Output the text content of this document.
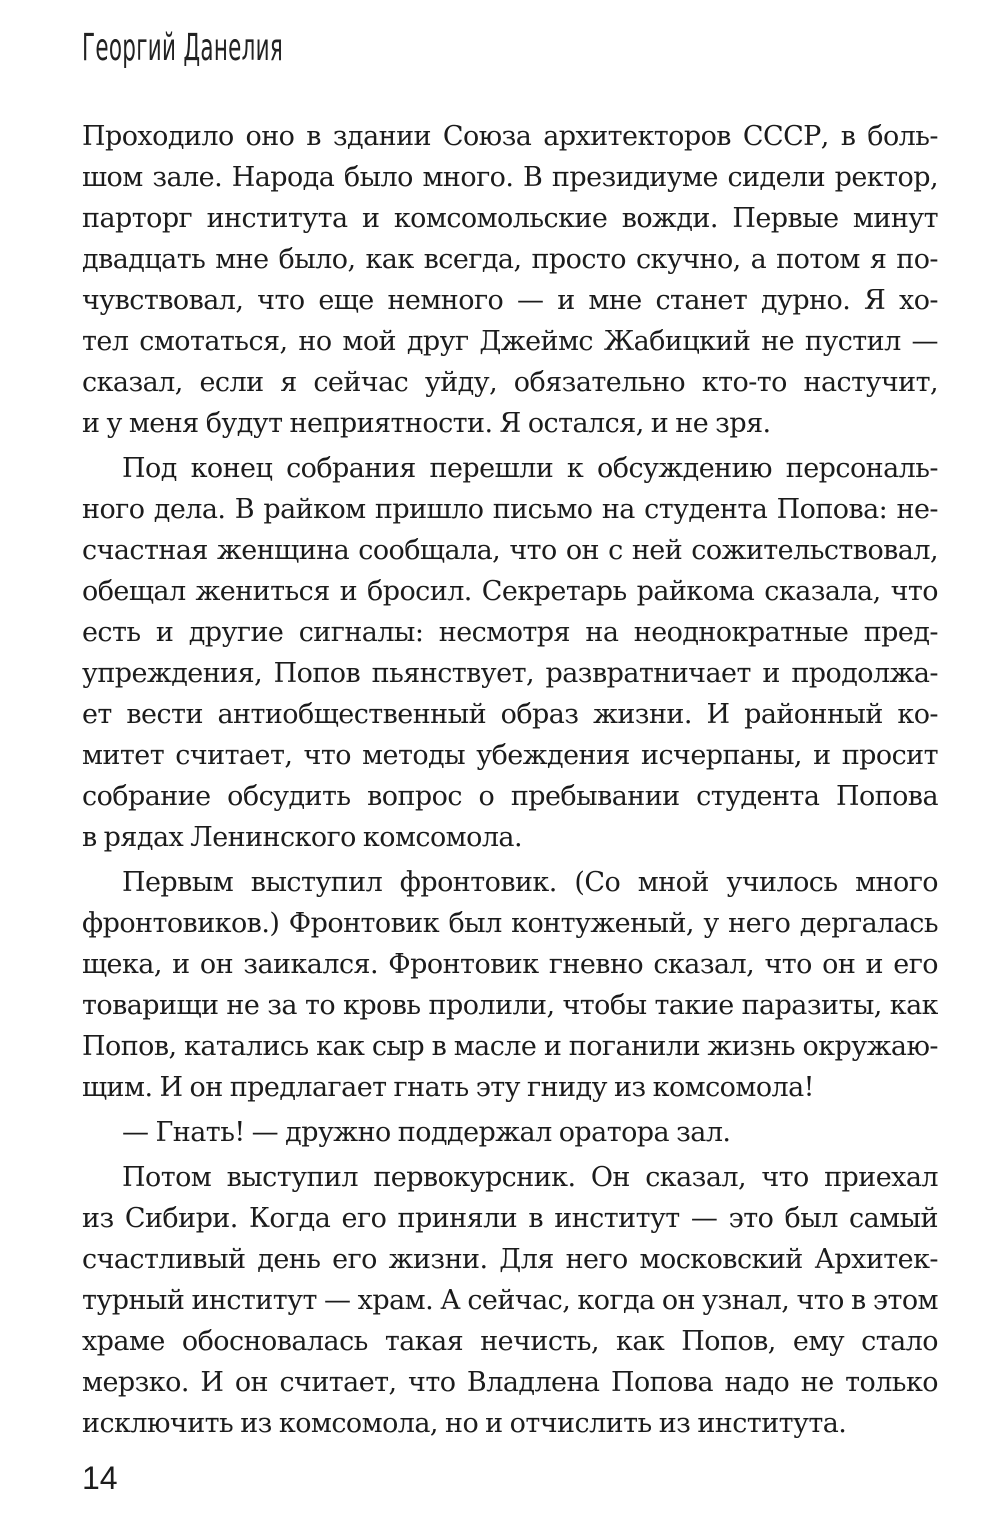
Георгий Данелия

Проходило оно в здании Союза архитекторов СССР, в боль-
шом зале. Народа было много. В президиуме сидели ректор,
парторг института и комсомольские вожди. Первые минут
двадцать мне было, как всегда, просто скучно, а потом я по-
чувствовал, что еще немного — и мне станет дурно. Я хо-
тел смотаться, но мой друг Джеймс Жабицкий не пустил —
сказал, если я сейчас уйду, обязательно кто-то настучит,
и у меня будут неприятности. Я остался, и не зря.

Под конец собрания перешли к обсуждению персональ-
ного дела. В райком пришло письмо на студента Попова: не-
счастная женщина сообщала, что он с ней сожительствовал,
обещал жениться и бросил. Секретарь райкома сказала, что
есть и другие сигналы: несмотря на неоднократные пред-
упреждения, Попов пьянствует, развратничает и продолжа-
ет вести антиобщественный образ жизни. И районный ко-
митет считает, что методы убеждения исчерпаны, и просит
собрание обсудить вопрос о пребывании студента Попова
в рядах Ленинского комсомола.

Первым выступил фронтовик. (Со мной училось много
фронтовиков.) Фронтовик был контуженый, у него дергалась
щека, и он заикался. Фронтовик гневно сказал, что он и его
товарищи не за то кровь пролили, чтобы такие паразиты, как
Попов, катались как сыр в масле и поганили жизнь окружаю-
щим. И он предлагает гнать эту гниду из комсомола!

— Гнать! — дружно поддержал оратора зал.

Потом выступил первокурсник. Он сказал, что приехал
из Сибири. Когда его приняли в институт — это был самый
счастливый день его жизни. Для него московский Архитек-
турный институт — храм. А сейчас, когда он узнал, что в этом
храме обосновалась такая нечисть, как Попов, ему стало
мерзко. И он считает, что Владлена Попова надо не только
исключить из комсомола, но и отчислить из института.

14
